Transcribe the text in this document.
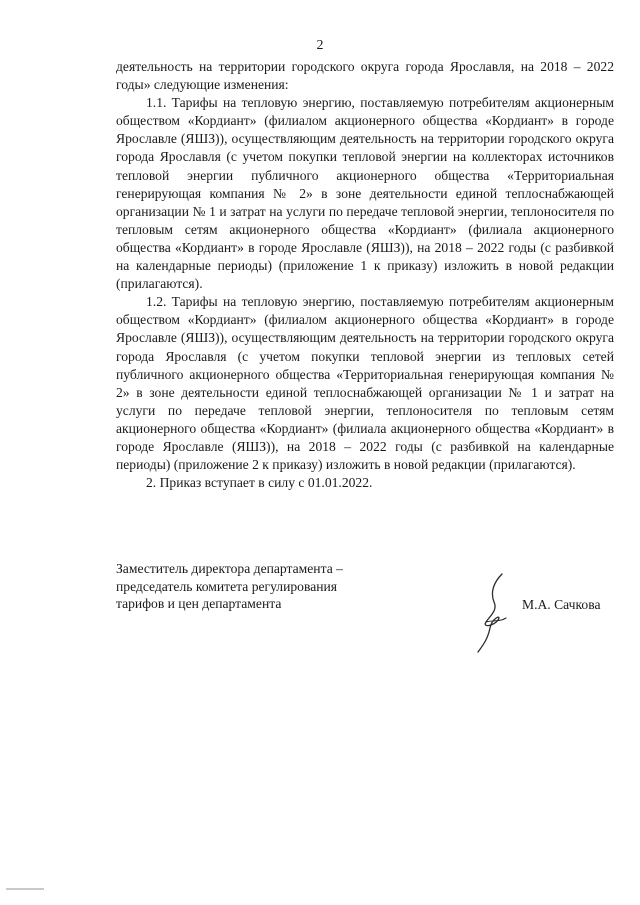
2

деятельность на территории городского округа города Ярославля, на 2018 – 2022 годы» следующие изменения:

1.1. Тарифы на тепловую энергию, поставляемую потребителям акционерным обществом «Кордиант» (филиалом акционерного общества «Кордиант» в городе Ярославле (ЯШЗ)), осуществляющим деятельность на территории городского округа города Ярославля (с учетом покупки тепловой энергии на коллекторах источников тепловой энергии публичного акционерного общества «Территориальная генерирующая компания № 2» в зоне деятельности единой теплоснабжающей организации № 1 и затрат на услуги по передаче тепловой энергии, теплоносителя по тепловым сетям акционерного общества «Кордиант» (филиала акционерного общества «Кордиант» в городе Ярославле (ЯШЗ)), на 2018 – 2022 годы (с разбивкой на календарные периоды) (приложение 1 к приказу) изложить в новой редакции (прилагаются).

1.2. Тарифы на тепловую энергию, поставляемую потребителям акционерным обществом «Кордиант» (филиалом акционерного общества «Кордиант» в городе Ярославле (ЯШЗ)), осуществляющим деятельность на территории городского округа города Ярославля (с учетом покупки тепловой энергии из тепловых сетей публичного акционерного общества «Территориальная генерирующая компания № 2» в зоне деятельности единой теплоснабжающей организации № 1 и затрат на услуги по передаче тепловой энергии, теплоносителя по тепловым сетям акционерного общества «Кордиант» (филиала акционерного общества «Кордиант» в городе Ярославле (ЯШЗ)), на 2018 – 2022 годы (с разбивкой на календарные периоды) (приложение 2 к приказу) изложить в новой редакции (прилагаются).

2. Приказ вступает в силу с 01.01.2022.

Заместитель директора департамента –
председатель комитета регулирования
тарифов и цен департамента	М.А. Сачкова
